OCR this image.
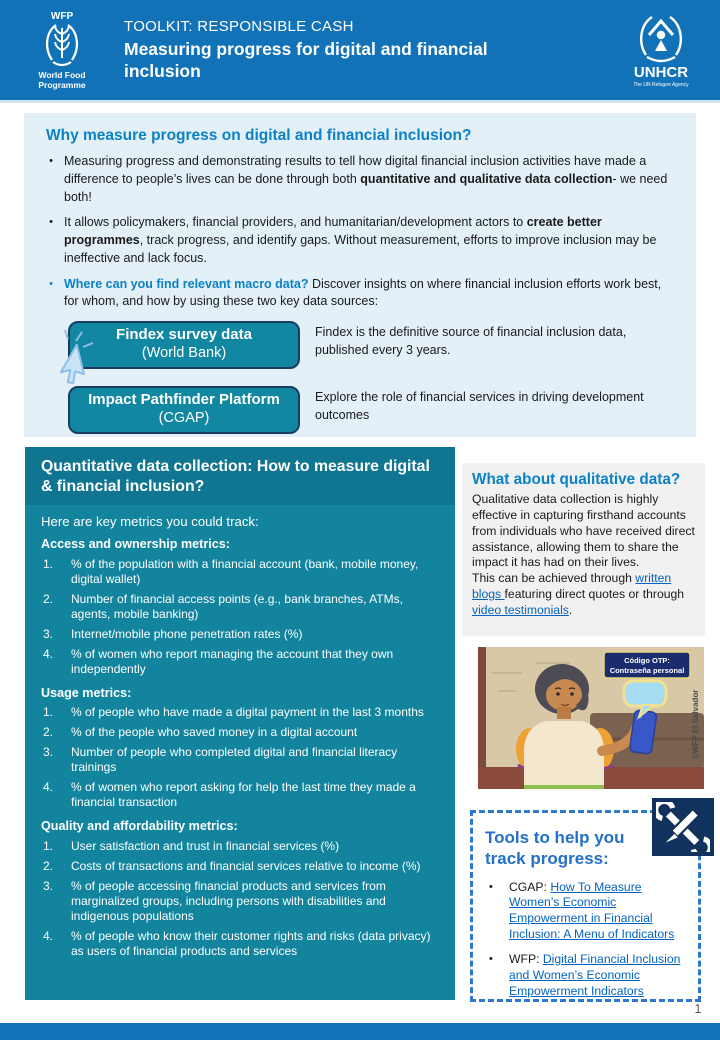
WFP
World Food
Programme
TOOLKIT: RESPONSIBLE CASH
Measuring progress for digital and financial inclusion	UNHCR
The UN Refugee Agency
Why measure progress on digital and financial inclusion?
• Measuring progress and demonstrating results to tell how digital financial inclusion activities have made a difference to people’s lives can be done through both quantitative and qualitative data collection- we need both!
• It allows policymakers, financial providers, and humanitarian/development actors to create better programmes, track progress, and identify gaps. Without measurement, efforts to improve inclusion may be ineffective and lack focus.
• Where can you find relevant macro data? Discover insights on where financial inclusion efforts work best, for whom, and how by using these two key data sources:
Findex survey data
(World Bank)
Findex is the definitive source of financial inclusion data, published every 3 years.
Impact Pathfinder Platform
(CGAP)
Explore the role of financial services in driving development outcomes
Quantitative data collection: How to measure digital & financial inclusion?
Here are key metrics you could track:
Access and ownership metrics:
1.	% of the population with a financial account (bank, mobile money, digital wallet)
2.	Number of financial access points (e.g., bank branches, ATMs, agents, mobile banking)
3.	Internet/mobile phone penetration rates (%)
4.	% of women who report managing the account that they own independently
Usage metrics:
1.	% of people who have made a digital payment in the last 3 months
2.	% of the people who saved money in a digital account
3.	Number of people who completed digital and financial literacy trainings
4.	% of women who report asking for help the last time they made a financial transaction
Quality and affordability metrics:
1.	User satisfaction and trust in financial services (%)
2.	Costs of transactions and financial services relative to income (%)
3.	% of people accessing financial products and services from marginalized groups, including persons with disabilities and indigenous populations
4.	% of people who know their customer rights and risks (data privacy) as users of financial products and services
What about qualitative data?

Qualitative data collection is highly effective in capturing firsthand accounts from individuals who have received direct assistance, allowing them to share the impact it has had on their lives.

This can be achieved through written blogs featuring direct quotes or through video testimonials.

Código OTP:
Contraseña personal
©WFP El Salvador
Tools to help you track progress:
•	CGAP: How To Measure Women’s Economic Empowerment in Financial Inclusion: A Menu of Indicators
•	WFP: Digital Financial Inclusion and Women’s Economic Empowerment Indicators
1
